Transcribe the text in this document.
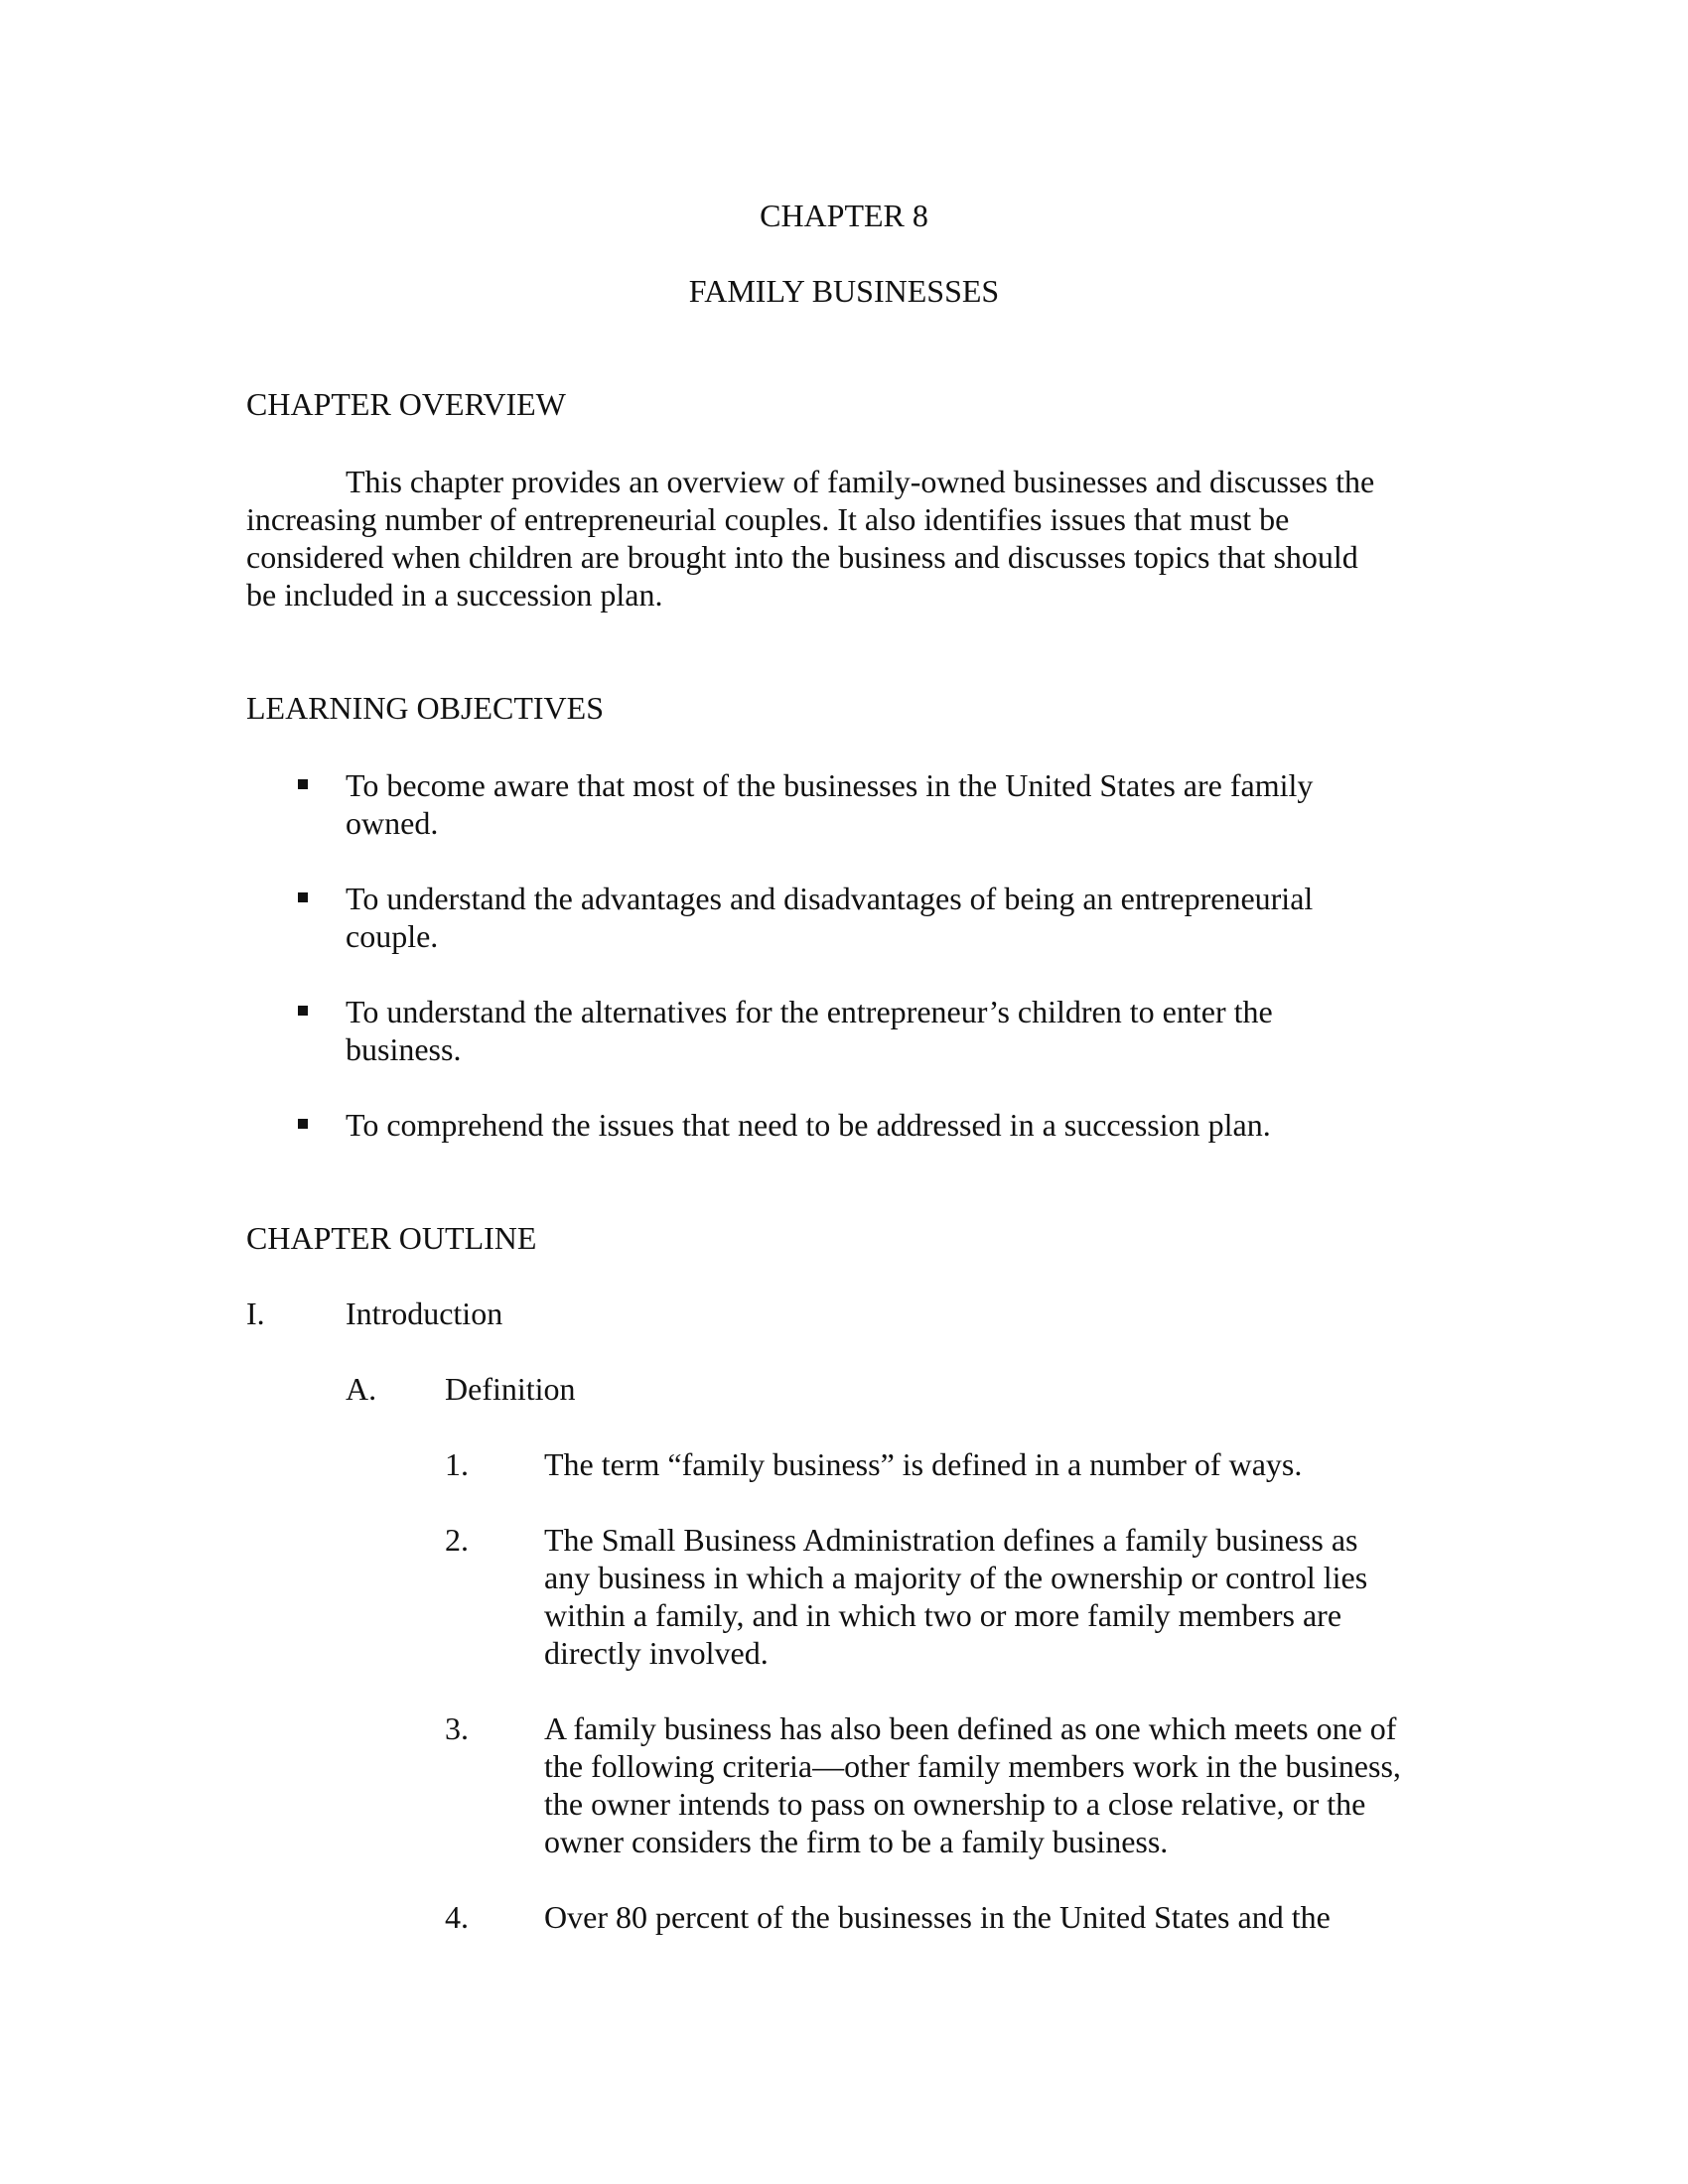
CHAPTER 8
FAMILY BUSINESSES
CHAPTER OVERVIEW
This chapter provides an overview of family-owned businesses and discusses the
increasing number of entrepreneurial couples. It also identifies issues that must be
considered when children are brought into the business and discusses topics that should
be included in a succession plan.
LEARNING OBJECTIVES
To become aware that most of the businesses in the United States are family
owned.
To understand the advantages and disadvantages of being an entrepreneurial
couple.
To understand the alternatives for the entrepreneur’s children to enter the
business.
To comprehend the issues that need to be addressed in a succession plan.
CHAPTER OUTLINE
I.	Introduction
A. Definition
1. The term “family business” is defined in a number of ways.
2. The Small Business Administration defines a family business as
any business in which a majority of the ownership or control lies
within a family, and in which two or more family members are
directly involved.
3. A family business has also been defined as one which meets one of
the following criteria—other family members work in the business,
the owner intends to pass on ownership to a close relative, or the
owner considers the firm to be a family business.
4. Over 80 percent of the businesses in the United States and the
